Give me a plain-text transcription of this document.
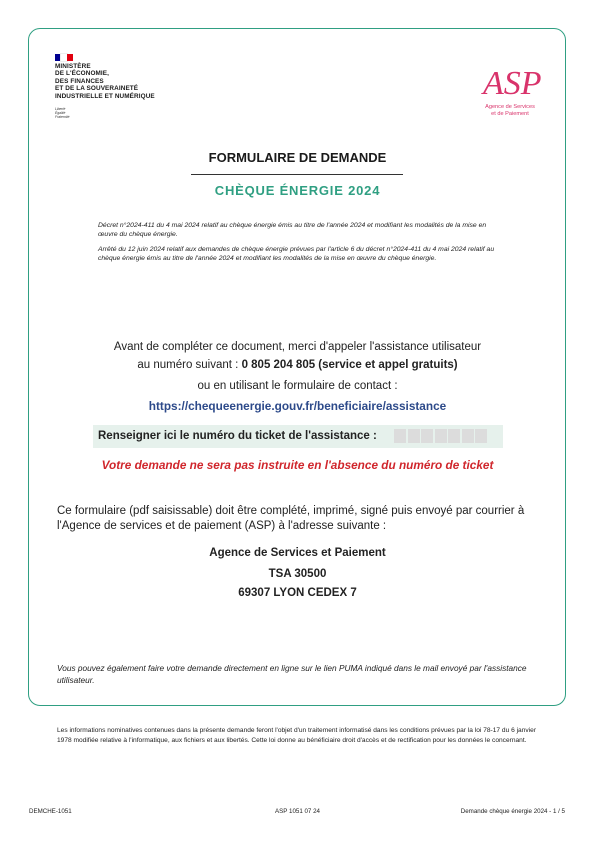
MINISTÈRE
DE L'ÉCONOMIE,
DES FINANCES
ET DE LA SOUVERAINETÉ
INDUSTRIELLE ET NUMÉRIQUE
Liberté
Égalité
Fraternité
ASP
Agence de Services
et de Paiement
FORMULAIRE DE DEMANDE
CHÈQUE ÉNERGIE 2024
Décret n°2024-411 du 4 mai 2024 relatif au chèque énergie émis au titre de l'année 2024 et modifiant les modalités de la mise en œuvre du chèque énergie.
Arrêté du 12 juin 2024 relatif aux demandes de chèque énergie prévues par l'article 6 du décret n°2024-411 du 4 mai 2024 relatif au chèque énergie émis au titre de l'année 2024 et modifiant les modalités de la mise en œuvre du chèque énergie.
Avant de compléter ce document, merci d'appeler l'assistance utilisateur
au numéro suivant : 0 805 204 805 (service et appel gratuits)
ou en utilisant le formulaire de contact :
https://chequeenergie.gouv.fr/beneficiaire/assistance
Renseigner ici le numéro du ticket de l'assistance :
Votre demande ne sera pas instruite en l'absence du numéro de ticket
Ce formulaire (pdf saisissable) doit être complété, imprimé, signé puis envoyé par courrier à l'Agence de services et de paiement (ASP) à l'adresse suivante :
Agence de Services et Paiement
TSA 30500
69307 LYON CEDEX 7
Vous pouvez également faire votre demande directement en ligne sur le lien PUMA indiqué dans le mail envoyé par l'assistance utilisateur.
Les informations nominatives contenues dans la présente demande feront l'objet d'un traitement informatisé dans les conditions prévues par la loi 78-17 du 6 janvier 1978 modifiée relative à l'informatique, aux fichiers et aux libertés. Cette loi donne au bénéficiaire droit d'accès et de rectification pour les données le concernant.
DEMCHE-1051	ASP 1051 07 24	Demande chèque énergie 2024 - 1 / 5
